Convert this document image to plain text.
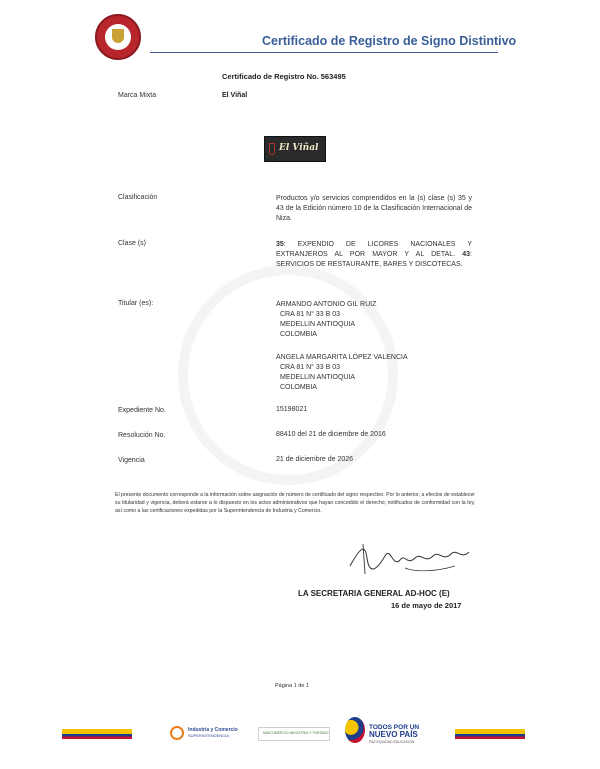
Certificado de Registro de Signo Distintivo
Certificado de Registro No. 563495
Marca Mixta	El Viñal
El Viñal
Clasificación	Productos y/o servicios comprendidos en la (s) clase (s) 35 y 43 de la Edición número 10 de la Clasificación Internacional de Niza.
Clase (s)	35: EXPENDIO DE LICORES NACIONALES Y EXTRANJEROS AL POR MAYOR Y AL DETAL. 43: SERVICIOS DE RESTAURANTE, BARES Y DISCOTECAS.
Titular (es):	ARMANDO ANTONIO GIL RUIZ
CRA 81 N° 33 B 03
MEDELLIN ANTIOQUIA
COLOMBIA
ANGELA MARGARITA LÓPEZ VALENCIA
CRA 81 N° 33 B 03
MEDELLIN ANTIOQUIA
COLOMBIA
Expediente No.	15198021
Resolución No.	88410 del 21 de diciembre de 2016
Vigencia	21 de diciembre de 2026
El presente documento corresponde a la información sobre asignación de número de certificado del signo respectivo. Por lo anterior, a efectos de establecer su titularidad y vigencia, deberá estarse a lo dispuesto en los actos administrativos que hayan concedido el derecho, notificados de conformidad con la ley, así como a las certificaciones expedidas por la Superintendencia de Industria y Comercio.
LA SECRETARIA GENERAL AD-HOC (E)
16 de mayo de 2017
Página 1 de 1
Industria y Comercio
SUPERINTENDENCIA	MINCOMERCIO INDUSTRIA Y TURISMO
TODOS POR UN
NUEVO PAÍS
PAZ EQUIDAD EDUCACIÓN
